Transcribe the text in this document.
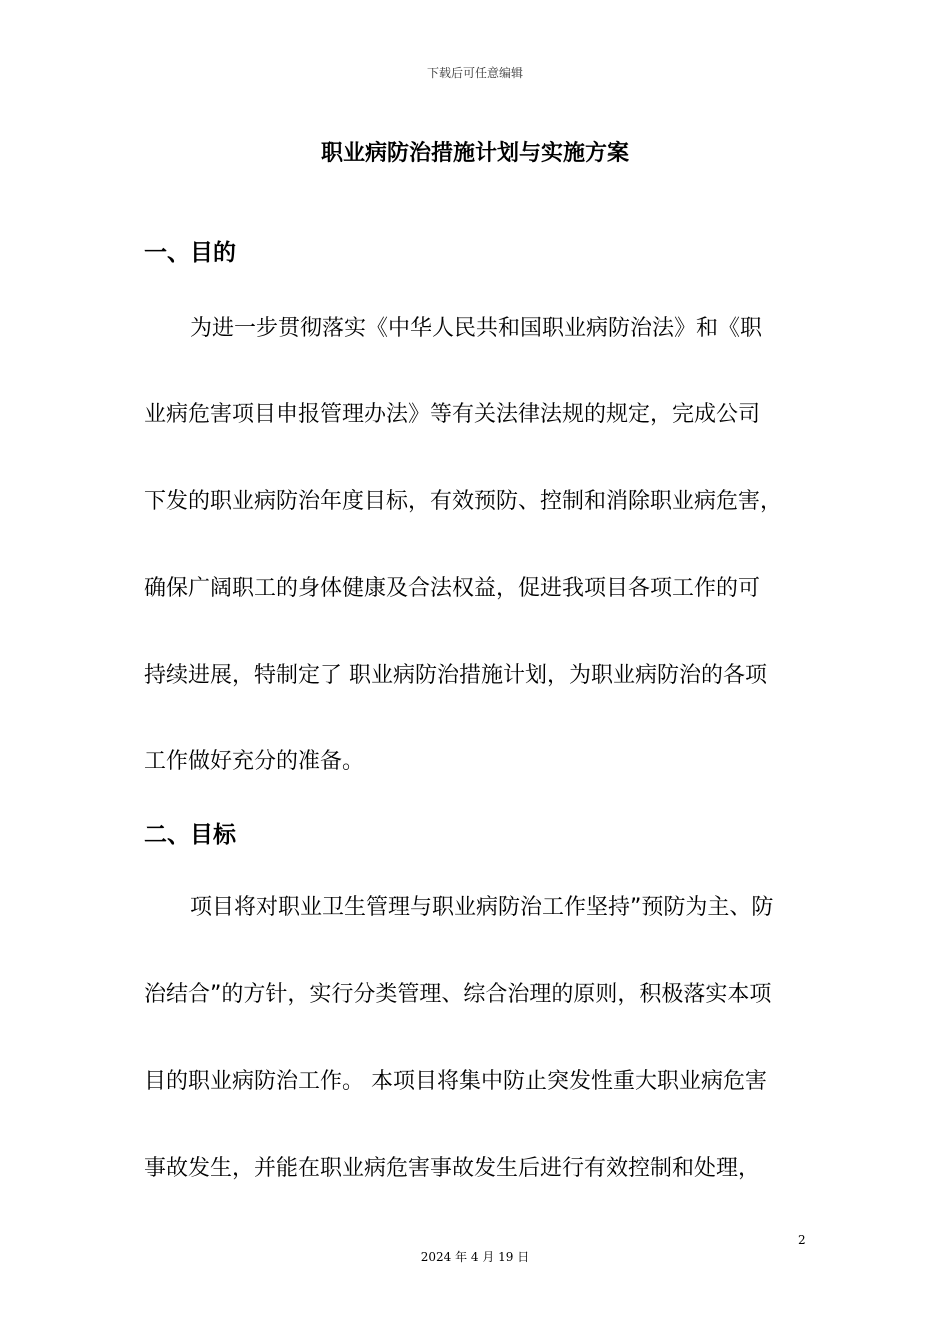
下载后可任意编辑
职业病防治措施计划与实施方案
一、目的
为进一步贯彻落实《中华人民共和国职业病防治法》和《职
业病危害项目申报管理办法》等有关法律法规的规定，完成公司
下发的职业病防治年度目标，有效预防、控制和消除职业病危害，
确保广阔职工的身体健康及合法权益，促进我项目各项工作的可
持续进展，特制定了 职业病防治措施计划，为职业病防治的各项
工作做好充分的准备。
二、目标
项目将对职业卫生管理与职业病防治工作坚持”预防为主、防
治结合”的方针，实行分类管理、综合治理的原则，积极落实本项
目的职业病防治工作。 本项目将集中防止突发性重大职业病危害
事故发生，并能在职业病危害事故发生后进行有效控制和处理，
2
2024 年 4 月 19 日
